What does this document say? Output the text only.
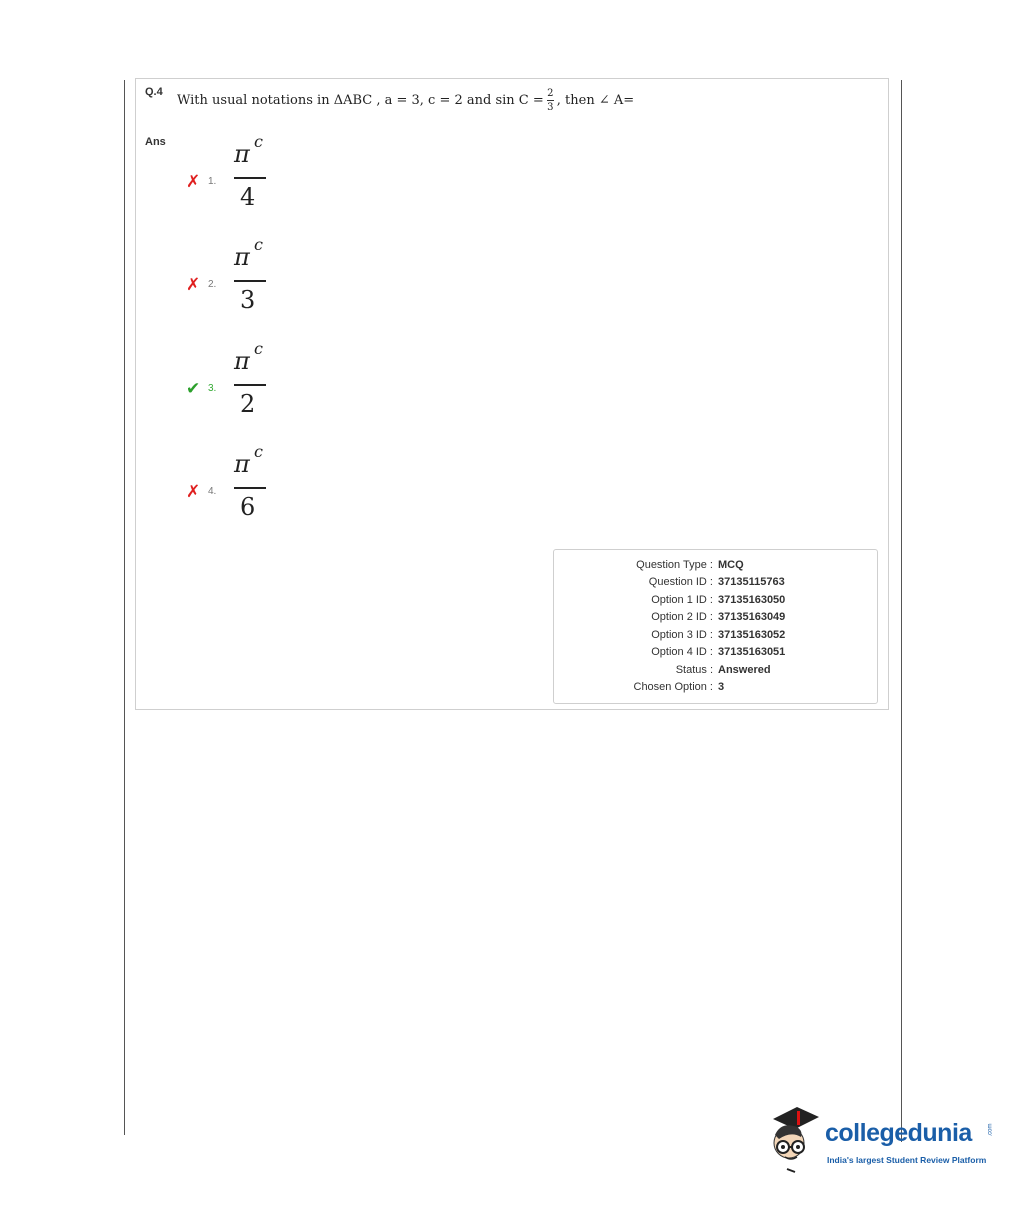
Q.4
With usual notations in ΔABC , a = 3, c = 2 and $\sin C = \frac{2}{3}$ , then ∠ A=
Ans
✗ 1.
π c
4
✗ 2.
π c
3
✔ 3.
π c
2
✗ 4.
π c
6
Question Type : MCQ
Question ID : 37135115763
Option 1 ID : 37135163050
Option 2 ID : 37135163049
Option 3 ID : 37135163052
Option 4 ID : 37135163051
Status : Answered
Chosen Option : 3
collegedunia	.com
India's largest Student Review Platform
